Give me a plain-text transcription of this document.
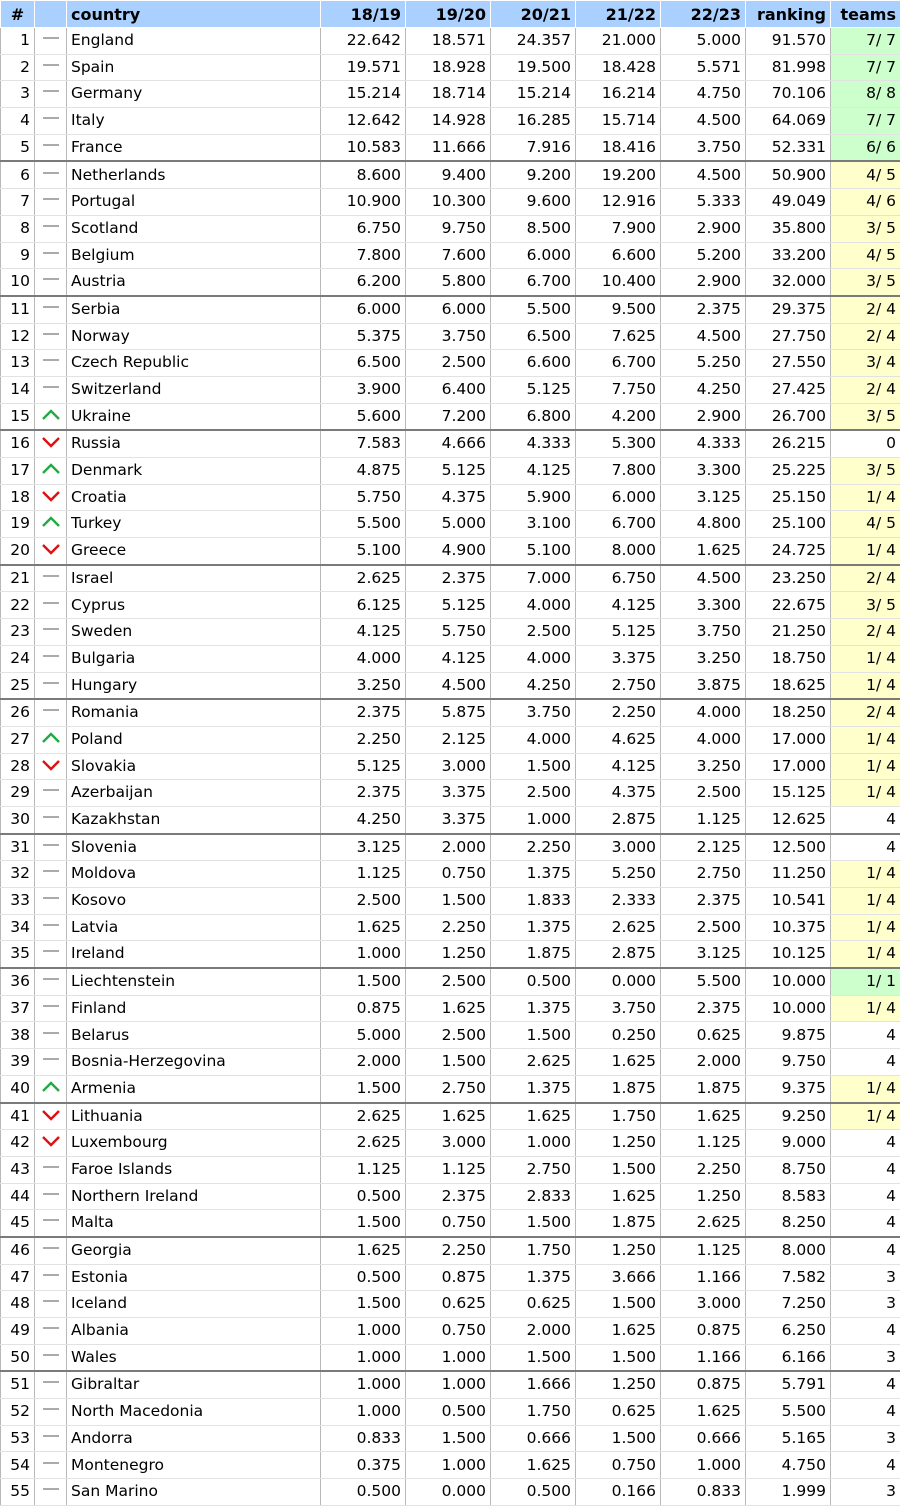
#		country	18/19	19/20	20/21	21/22	22/23	ranking	teams
1		England	22.642	18.571	24.357	21.000	5.000	91.570	7/ 7
2		Spain	19.571	18.928	19.500	18.428	5.571	81.998	7/ 7
3		Germany	15.214	18.714	15.214	16.214	4.750	70.106	8/ 8
4		Italy	12.642	14.928	16.285	15.714	4.500	64.069	7/ 7
5		France	10.583	11.666	7.916	18.416	3.750	52.331	6/ 6
6		Netherlands	8.600	9.400	9.200	19.200	4.500	50.900	4/ 5
7		Portugal	10.900	10.300	9.600	12.916	5.333	49.049	4/ 6
8		Scotland	6.750	9.750	8.500	7.900	2.900	35.800	3/ 5
9		Belgium	7.800	7.600	6.000	6.600	5.200	33.200	4/ 5
10		Austria	6.200	5.800	6.700	10.400	2.900	32.000	3/ 5
11		Serbia	6.000	6.000	5.500	9.500	2.375	29.375	2/ 4
12		Norway	5.375	3.750	6.500	7.625	4.500	27.750	2/ 4
13		Czech Republic	6.500	2.500	6.600	6.700	5.250	27.550	3/ 4
14		Switzerland	3.900	6.400	5.125	7.750	4.250	27.425	2/ 4
15		Ukraine	5.600	7.200	6.800	4.200	2.900	26.700	3/ 5
16		Russia	7.583	4.666	4.333	5.300	4.333	26.215	0
17		Denmark	4.875	5.125	4.125	7.800	3.300	25.225	3/ 5
18		Croatia	5.750	4.375	5.900	6.000	3.125	25.150	1/ 4
19		Turkey	5.500	5.000	3.100	6.700	4.800	25.100	4/ 5
20		Greece	5.100	4.900	5.100	8.000	1.625	24.725	1/ 4
21		Israel	2.625	2.375	7.000	6.750	4.500	23.250	2/ 4
22		Cyprus	6.125	5.125	4.000	4.125	3.300	22.675	3/ 5
23		Sweden	4.125	5.750	2.500	5.125	3.750	21.250	2/ 4
24		Bulgaria	4.000	4.125	4.000	3.375	3.250	18.750	1/ 4
25		Hungary	3.250	4.500	4.250	2.750	3.875	18.625	1/ 4
26		Romania	2.375	5.875	3.750	2.250	4.000	18.250	2/ 4
27		Poland	2.250	2.125	4.000	4.625	4.000	17.000	1/ 4
28		Slovakia	5.125	3.000	1.500	4.125	3.250	17.000	1/ 4
29		Azerbaijan	2.375	3.375	2.500	4.375	2.500	15.125	1/ 4
30		Kazakhstan	4.250	3.375	1.000	2.875	1.125	12.625	4
31		Slovenia	3.125	2.000	2.250	3.000	2.125	12.500	4
32		Moldova	1.125	0.750	1.375	5.250	2.750	11.250	1/ 4
33		Kosovo	2.500	1.500	1.833	2.333	2.375	10.541	1/ 4
34		Latvia	1.625	2.250	1.375	2.625	2.500	10.375	1/ 4
35		Ireland	1.000	1.250	1.875	2.875	3.125	10.125	1/ 4
36		Liechtenstein	1.500	2.500	0.500	0.000	5.500	10.000	1/ 1
37		Finland	0.875	1.625	1.375	3.750	2.375	10.000	1/ 4
38		Belarus	5.000	2.500	1.500	0.250	0.625	9.875	4
39		Bosnia-Herzegovina	2.000	1.500	2.625	1.625	2.000	9.750	4
40		Armenia	1.500	2.750	1.375	1.875	1.875	9.375	1/ 4
41		Lithuania	2.625	1.625	1.625	1.750	1.625	9.250	1/ 4
42		Luxembourg	2.625	3.000	1.000	1.250	1.125	9.000	4
43		Faroe Islands	1.125	1.125	2.750	1.500	2.250	8.750	4
44		Northern Ireland	0.500	2.375	2.833	1.625	1.250	8.583	4
45		Malta	1.500	0.750	1.500	1.875	2.625	8.250	4
46		Georgia	1.625	2.250	1.750	1.250	1.125	8.000	4
47		Estonia	0.500	0.875	1.375	3.666	1.166	7.582	3
48		Iceland	1.500	0.625	0.625	1.500	3.000	7.250	3
49		Albania	1.000	0.750	2.000	1.625	0.875	6.250	4
50		Wales	1.000	1.000	1.500	1.500	1.166	6.166	3
51		Gibraltar	1.000	1.000	1.666	1.250	0.875	5.791	4
52		North Macedonia	1.000	0.500	1.750	0.625	1.625	5.500	4
53		Andorra	0.833	1.500	0.666	1.500	0.666	5.165	3
54		Montenegro	0.375	1.000	1.625	0.750	1.000	4.750	4
55		San Marino	0.500	0.000	0.500	0.166	0.833	1.999	3
